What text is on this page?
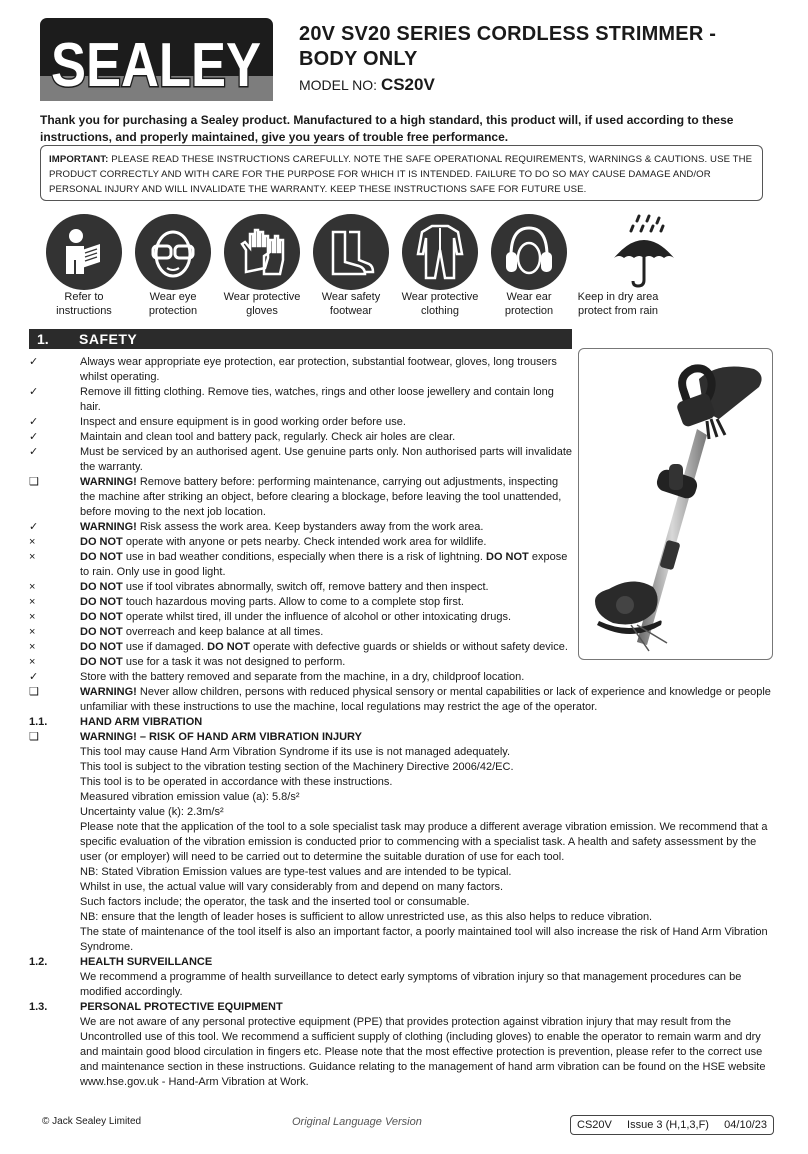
SEALEY 20V SV20 SERIES CORDLESS STRIMMER - BODY ONLY
MODEL NO: CS20V
Thank you for purchasing a Sealey product. Manufactured to a high standard, this product will, if used according to these instructions, and properly maintained, give you years of trouble free performance.
IMPORTANT: PLEASE READ THESE INSTRUCTIONS CAREFULLY. NOTE THE SAFE OPERATIONAL REQUIREMENTS, WARNINGS & CAUTIONS. USE THE PRODUCT CORRECTLY AND WITH CARE FOR THE PURPOSE FOR WHICH IT IS INTENDED. FAILURE TO DO SO MAY CAUSE DAMAGE AND/OR PERSONAL INJURY AND WILL INVALIDATE THE WARRANTY. KEEP THESE INSTRUCTIONS SAFE FOR FUTURE USE.
Refer to
instructions
Wear eye
protection
Wear protective
gloves
Wear safety
footwear
Wear protective
clothing
Wear ear
protection
Keep in dry area
protect from rain
1. SAFETY
✓	Always wear appropriate eye protection, ear protection, substantial footwear, gloves, long trousers whilst operating.
✓	Remove ill fitting clothing. Remove ties, watches, rings and other loose jewellery and contain long hair.
✓	Inspect and ensure equipment is in good working order before use.
✓	Maintain and clean tool and battery pack, regularly. Check air holes are clear.
✓	Must be serviced by an authorised agent. Use genuine parts only. Non authorised parts will invalidate the warranty.
❑	WARNING! Remove battery before: performing maintenance, carrying out adjustments, inspecting the machine after striking an object, before clearing a blockage, before leaving the tool unattended, before moving to the next job location.
✓	WARNING! Risk assess the work area. Keep bystanders away from the work area.
×	DO NOT operate with anyone or pets nearby. Check intended work area for wildlife.
×	DO NOT use in bad weather conditions, especially when there is a risk of lightning. DO NOT expose to rain. Only use in good light.
×	DO NOT use if tool vibrates abnormally, switch off, remove battery and then inspect.
×	DO NOT touch hazardous moving parts. Allow to come to a complete stop first.
×	DO NOT operate whilst tired, ill under the influence of alcohol or other intoxicating drugs.
×	DO NOT overreach and keep balance at all times.
×	DO NOT use if damaged. DO NOT operate with defective guards or shields or without safety device.
×	DO NOT use for a task it was not designed to perform.
✓	Store with the battery removed and separate from the machine, in a dry, childproof location.
❑	WARNING! Never allow children, persons with reduced physical sensory or mental capabilities or lack of experience and knowledge or people unfamiliar with these instructions to use the machine, local regulations may restrict the age of the operator.
1.1.	HAND ARM VIBRATION
❑	WARNING! – RISK OF HAND ARM VIBRATION INJURY
This tool may cause Hand Arm Vibration Syndrome if its use is not managed adequately.
This tool is subject to the vibration testing section of the Machinery Directive 2006/42/EC.
This tool is to be operated in accordance with these instructions.
Measured vibration emission value (a): 5.8/s²
Uncertainty value (k): 2.3m/s²
Please note that the application of the tool to a sole specialist task may produce a different average vibration emission. We recommend that a specific evaluation of the vibration emission is conducted prior to commencing with a specialist task. A health and safety assessment by the user (or employer) will need to be carried out to determine the suitable duration of use for each tool.
NB: Stated Vibration Emission values are type-test values and are intended to be typical.
Whilst in use, the actual value will vary considerably from and depend on many factors.
Such factors include; the operator, the task and the inserted tool or consumable.
NB: ensure that the length of leader hoses is sufficient to allow unrestricted use, as this also helps to reduce vibration.
The state of maintenance of the tool itself is also an important factor, a poorly maintained tool will also increase the risk of Hand Arm Vibration Syndrome.
1.2.	HEALTH SURVEILLANCE
We recommend a programme of health surveillance to detect early symptoms of vibration injury so that management procedures can be modified accordingly.
1.3.	PERSONAL PROTECTIVE EQUIPMENT
We are not aware of any personal protective equipment (PPE) that provides protection against vibration injury that may result from the Uncontrolled use of this tool. We recommend a sufficient supply of clothing (including gloves) to enable the operator to remain warm and dry and maintain good blood circulation in fingers etc. Please note that the most effective protection is prevention, please refer to the correct use and maintenance section in these instructions. Guidance relating to the management of hand arm vibration can be found on the HSE website www.hse.gov.uk - Hand-Arm Vibration at Work.
© Jack Sealey Limited	Original Language Version	CS20V Issue 3 (H,1,3,F) 04/10/23
